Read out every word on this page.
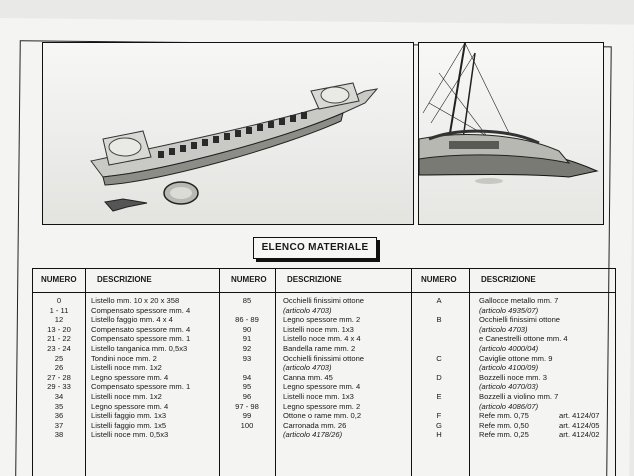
ELENCO MATERIALE
NUMERO	DESCRIZIONE	NUMERO	DESCRIZIONE	NUMERO	DESCRIZIONE
0	Listello mm. 10 x 20 x 358
1 - 11	Compensato spessore mm. 4
12	Listello faggio mm. 4 x 4
13 - 20	Compensato spessore mm. 4
21 - 22	Compensato spessore mm. 1
23 - 24	Listello tanganica mm. 0,5x3
25	Tondini noce mm. 2
26	Listelli noce mm. 1x2
27 - 28	Legno spessore mm. 4
29 - 33	Compensato spessore mm. 1
34	Listelli noce mm. 1x2
35	Legno spessore mm. 4
36	Listelli faggio mm. 1x3
37	Listelli faggio mm. 1x5
38	Listelli noce mm. 0,5x3
85	Occhielli finissimi ottone
(articolo 4703)
86 - 89	Legno spessore mm. 2
90	Listelli noce mm. 1x3
91	Listello noce mm. 4 x 4
92	Bandella rame mm. 2
93	Occhielli finissimi ottone
(articolo 4703)
94	Canna mm. 45
95	Legno spessore mm. 4
96	Listelli noce mm. 1x3
97 - 98	Legno spessore mm. 2
99	Ottone o rame mm. 0,2
100	Carronada mm. 26
(articolo 4178/26)
A	Gallocce metallo mm. 7
(articolo 4935/07)
B	Occhielli finissimi ottone
(articolo 4703)
e Canestrelli ottone mm. 4
(articolo 4000/04)
C	Caviglie ottone mm. 9
(articolo 4100/09)
D	Bozzelli noce mm. 3
(articolo 4070/03)
E	Bozzelli a violino mm. 7
(articolo 4086/07)
F	Refe mm. 0,75	art. 4124/07
G	Refe mm. 0,50	art. 4124/05
H	Refe mm. 0,25	art. 4124/02
